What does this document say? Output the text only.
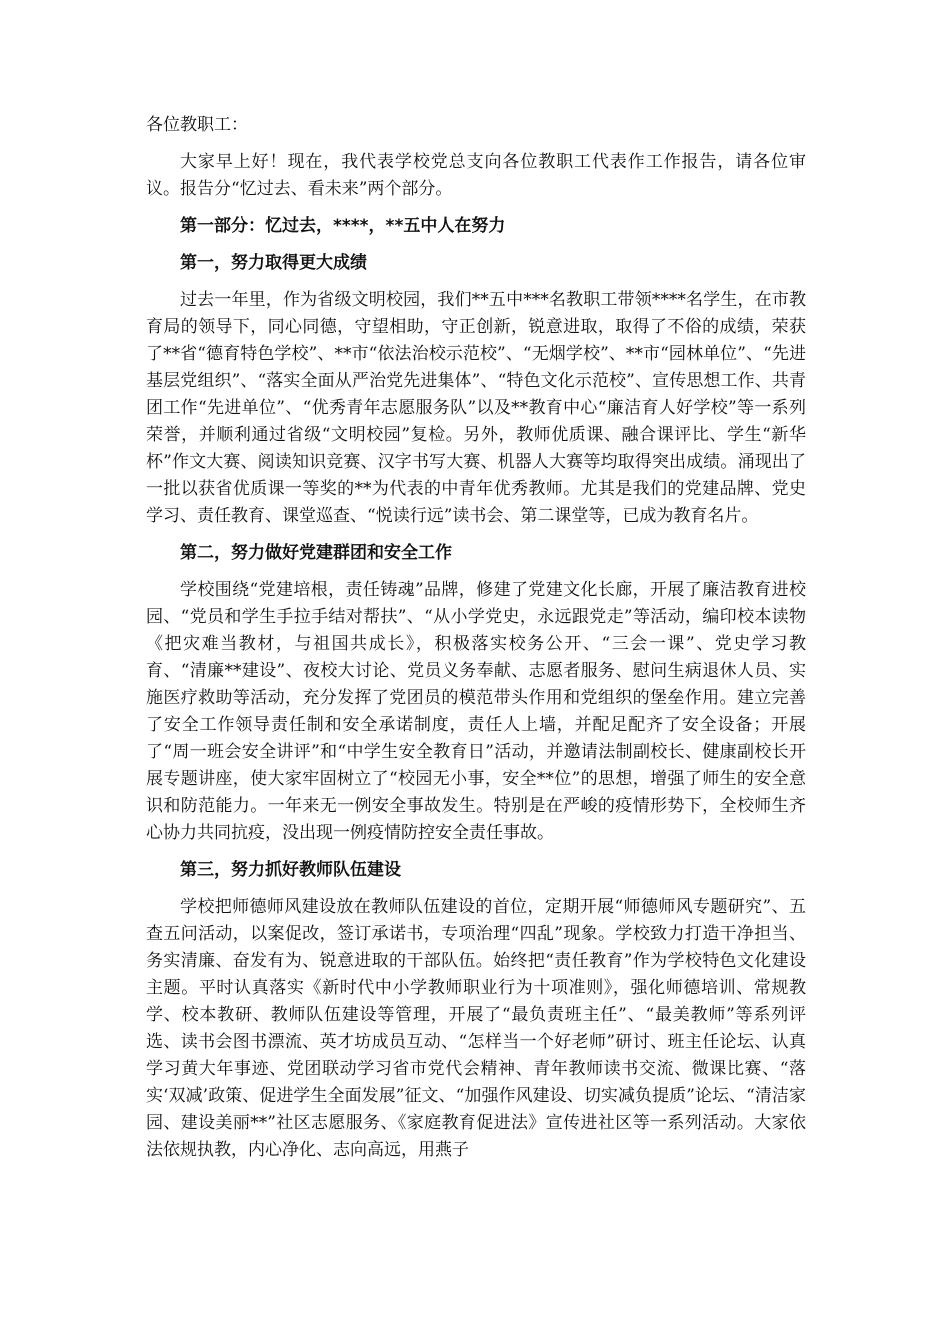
各位教职工：

大家早上好！现在，我代表学校党总支向各位教职工代表作工作报告，请各位审议。报告分“忆过去、看未来”两个部分。

第一部分：忆过去，****，**五中人在努力

第一，努力取得更大成绩

过去一年里，作为省级文明校园，我们**五中***名教职工带领****名学生，在市教育局的领导下，同心同德，守望相助，守正创新，锐意进取，取得了不俗的成绩，荣获了**省“德育特色学校”、**市“依法治校示范校”、“无烟学校”、**市“园林单位”、“先进基层党组织”、“落实全面从严治党先进集体”、“特色文化示范校”、宣传思想工作、共青团工作“先进单位”、“优秀青年志愿服务队”以及**教育中心“廉洁育人好学校”等一系列荣誉，并顺利通过省级“文明校园”复检。另外，教师优质课、融合课评比、学生“新华杯”作文大赛、阅读知识竞赛、汉字书写大赛、机器人大赛等均取得突出成绩。涌现出了一批以获省优质课一等奖的**为代表的中青年优秀教师。尤其是我们的党建品牌、党史学习、责任教育、课堂巡查、“悦读行远”读书会、第二课堂等，已成为教育名片。

第二，努力做好党建群团和安全工作

学校围绕“党建培根，责任铸魂”品牌，修建了党建文化长廊，开展了廉洁教育进校园、“党员和学生手拉手结对帮扶”、“从小学党史，永远跟党走”等活动，编印校本读物《把灾难当教材，与祖国共成长》，积极落实校务公开、“三会一课”、党史学习教育、“清廉**建设”、夜校大讨论、党员义务奉献、志愿者服务、慰问生病退休人员、实施医疗救助等活动，充分发挥了党团员的模范带头作用和党组织的堡垒作用。建立完善了安全工作领导责任制和安全承诺制度，责任人上墙，并配足配齐了安全设备；开展了“周一班会安全讲评”和“中学生安全教育日”活动，并邀请法制副校长、健康副校长开展专题讲座，使大家牢固树立了“校园无小事，安全**位”的思想，增强了师生的安全意识和防范能力。一年来无一例安全事故发生。特别是在严峻的疫情形势下，全校师生齐心协力共同抗疫，没出现一例疫情防控安全责任事故。

第三，努力抓好教师队伍建设

学校把师德师风建设放在教师队伍建设的首位，定期开展“师德师风专题研究”、五查五问活动，以案促改，签订承诺书，专项治理“四乱”现象。学校致力打造干净担当、务实清廉、奋发有为、锐意进取的干部队伍。始终把“责任教育”作为学校特色文化建设主题。平时认真落实《新时代中小学教师职业行为十项准则》，强化师德培训、常规教学、校本教研、教师队伍建设等管理，开展了“最负责班主任”、“最美教师”等系列评选、读书会图书漂流、英才坊成员互动、“怎样当一个好老师”研讨、班主任论坛、认真学习黄大年事迹、党团联动学习省市党代会精神、青年教师读书交流、微课比赛、“落实‘双减’政策、促进学生全面发展”征文、“加强作风建设、切实减负提质”论坛、“清洁家园、建设美丽**”社区志愿服务、《家庭教育促进法》宣传进社区等一系列活动。大家依法依规执教，内心净化、志向高远，用燕子
